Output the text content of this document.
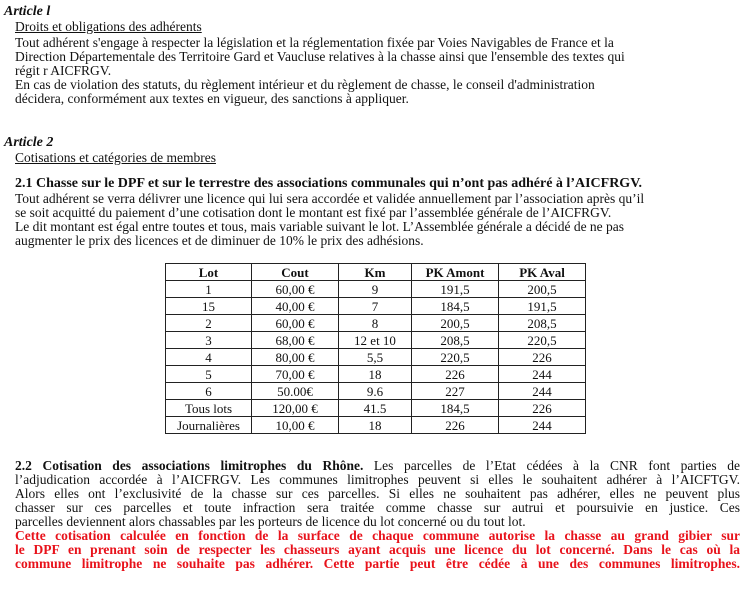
Article l
Droits et obligations des adhérents
Tout adhérent s'engage à respecter la législation et la réglementation fixée par Voies Navigables de France et la
Direction Départementale des Territoire Gard et Vaucluse relatives à la chasse ainsi que l'ensemble des textes qui
régit r AICFRGV.
En cas de violation des statuts, du règlement intérieur et du règlement de chasse, le conseil d'administration
décidera, conformément aux textes en vigueur, des sanctions à appliquer.
Article 2
Cotisations et catégories de membres
2.1 Chasse sur le DPF et sur le terrestre des associations communales qui n’ont pas adhéré à l’AICFRGV.
Tout adhérent se verra délivrer une licence qui lui sera accordée et validée annuellement par l’association après qu’il
se soit acquitté du paiement d’une cotisation dont le montant est fixé par l’assemblée générale de l’AICFRGV.
Le dit montant est égal entre toutes et tous, mais variable suivant le lot. L’Assemblée générale a décidé de ne pas
augmenter le prix des licences et de diminuer de 10% le prix des adhésions.
Lot	Cout	Km	PK Amont	PK Aval
1	60,00 €	9	191,5	200,5
15	40,00 €	7	184,5	191,5
2	60,00 €	8	200,5	208,5
3	68,00 €	12 et 10	208,5	220,5
4	80,00 €	5,5	220,5	226
5	70,00 €	18	226	244
6	50.00€	9.6	227	244
Tous lots	120,00 €	41.5	184,5	226
Journalières	10,00 €	18	226	244
2.2 Cotisation des associations limitrophes du Rhône. Les parcelles de l’Etat cédées à la CNR font parties de
l’adjudication accordée à l’AICFRGV. Les communes limitrophes peuvent si elles le souhaitent adhérer à l’AICFTGV.
Alors elles ont l’exclusivité de la chasse sur ces parcelles. Si elles ne souhaitent pas adhérer, elles ne peuvent plus
chasser sur ces parcelles et toute infraction sera traitée comme chasse sur autrui et poursuivie en justice. Ces
parcelles deviennent alors chassables par les porteurs de licence du lot concerné ou du tout lot.
Cette cotisation calculée en fonction de la surface de chaque commune autorise la chasse au grand gibier sur
le DPF en prenant soin de respecter les chasseurs ayant acquis une licence du lot concerné. Dans le cas où la
commune limitrophe ne souhaite pas adhérer. Cette partie peut être cédée à une des communes limitrophes.
